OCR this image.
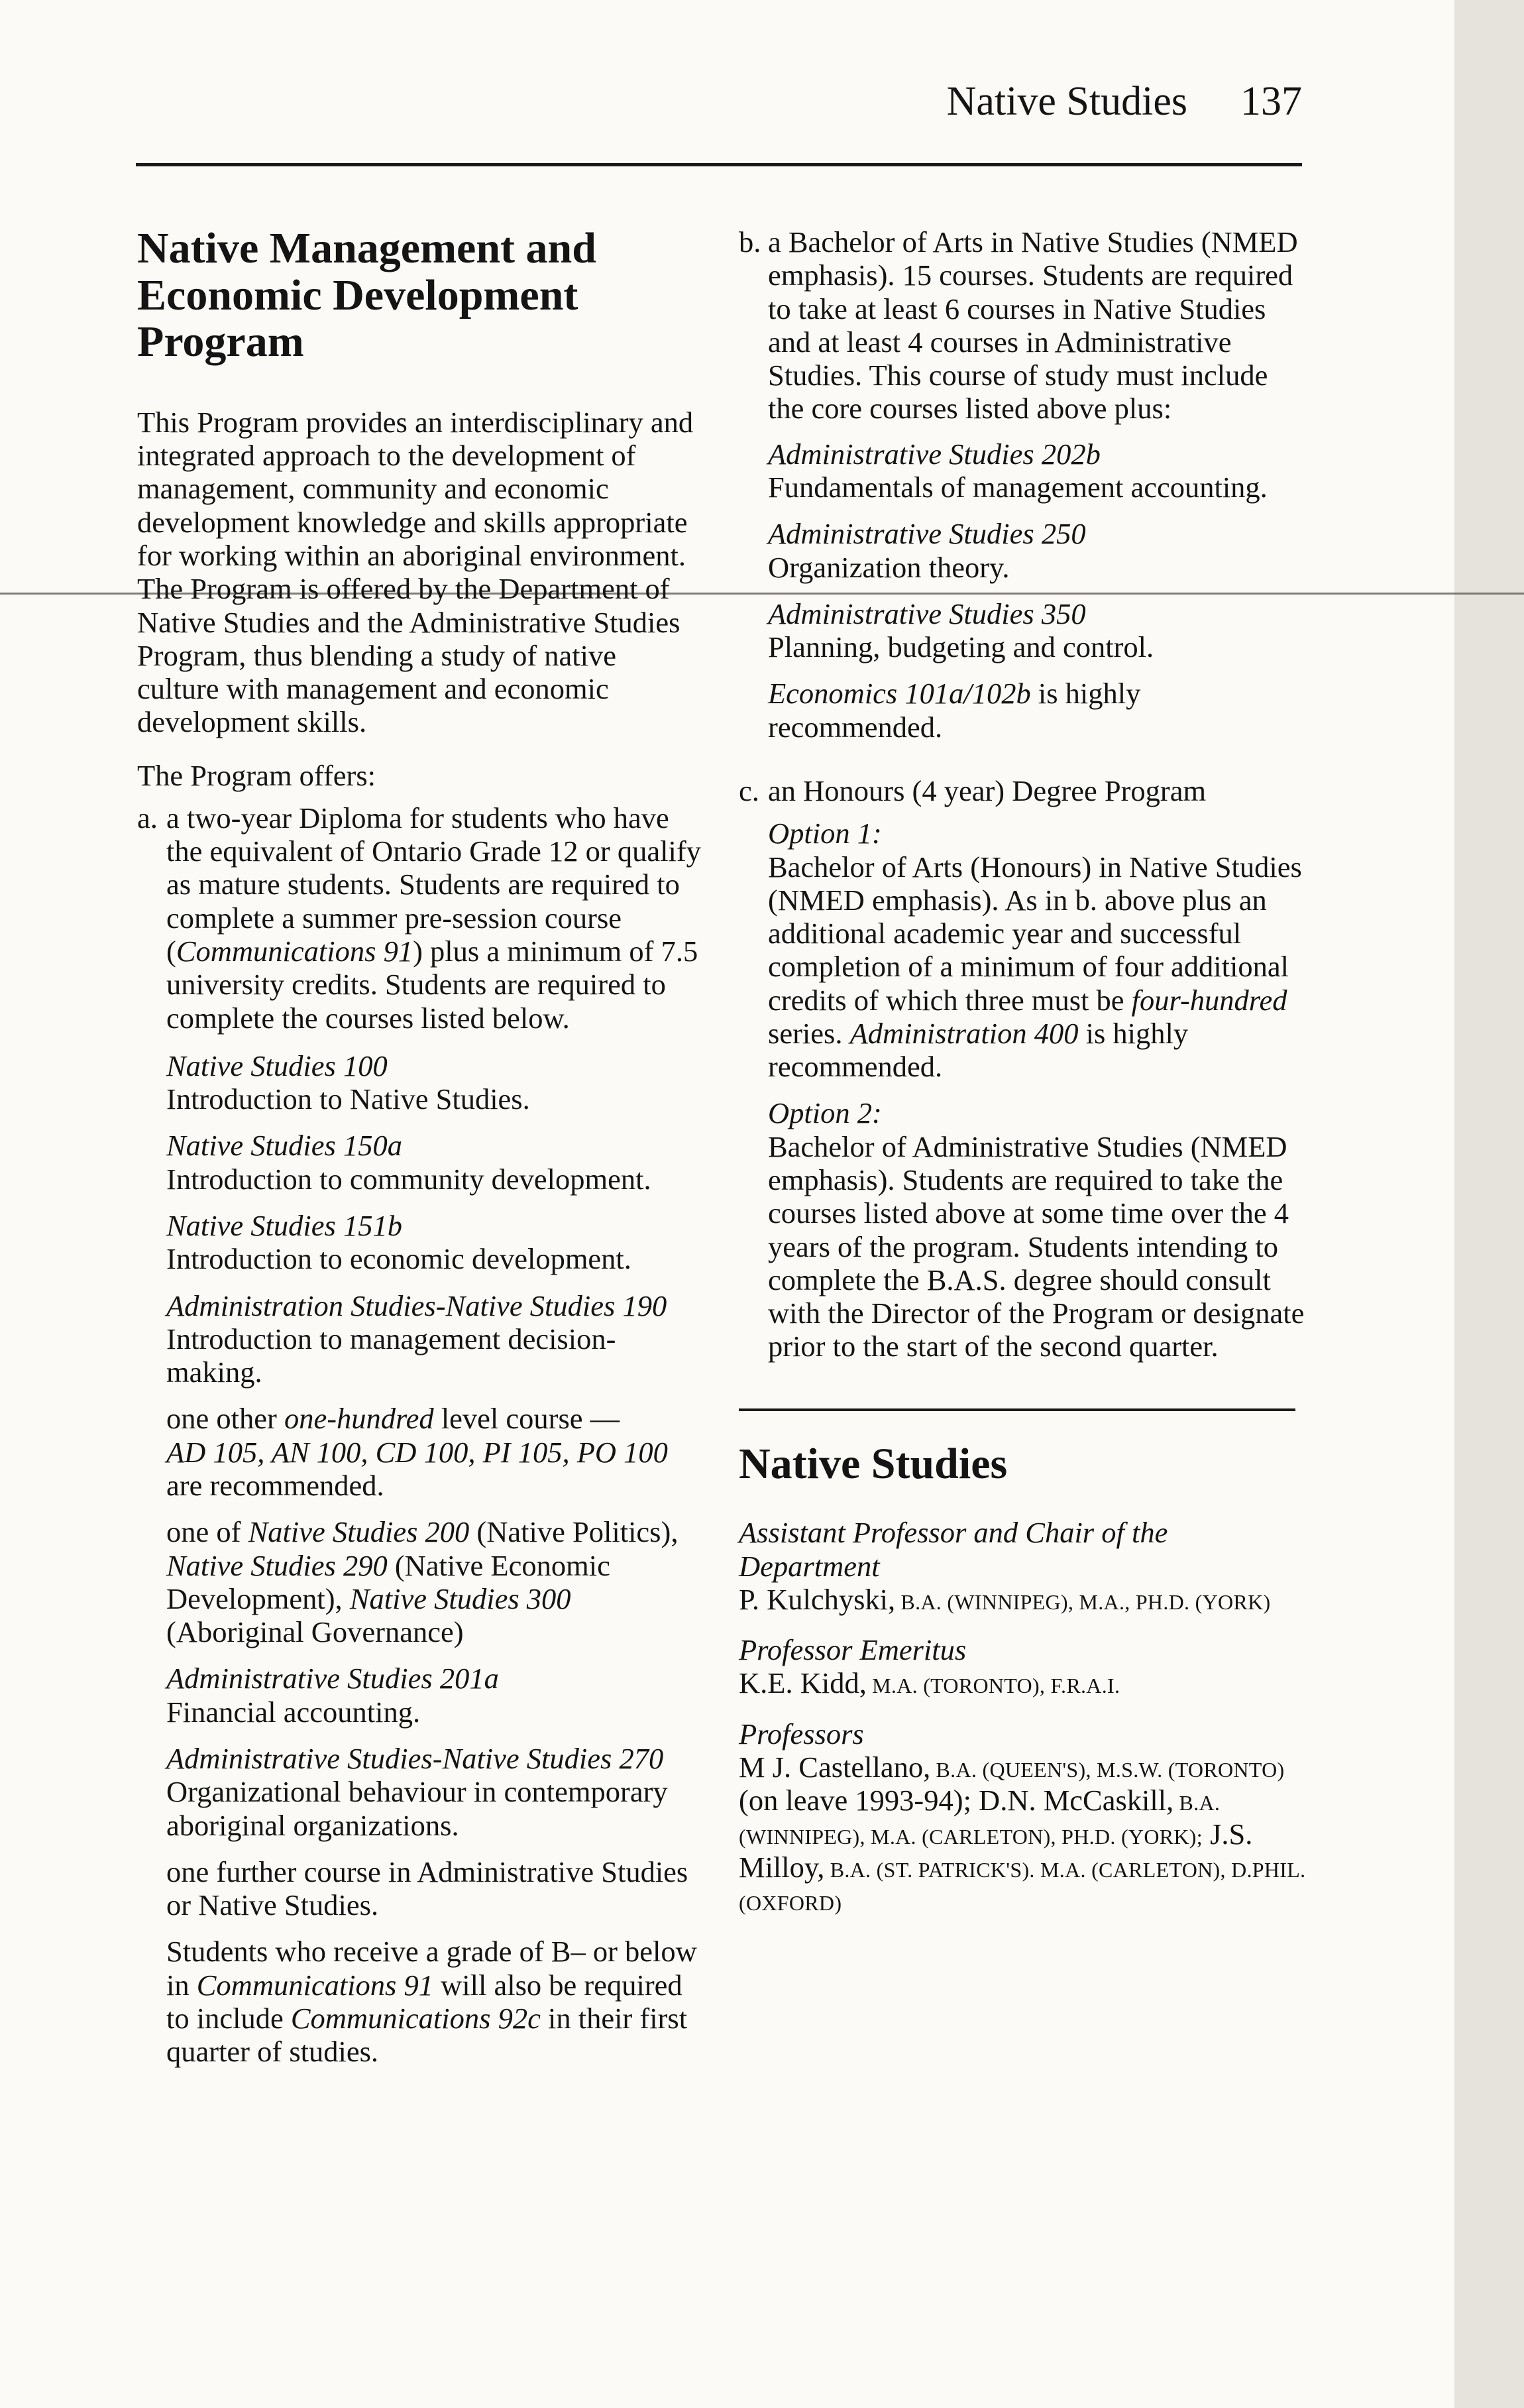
Native Studies 137
Native Management and Economic Development Program

This Program provides an interdisciplinary and integrated approach to the development of management, community and economic development knowledge and skills appropriate for working within an aboriginal environment. The Program is offered by the Department of Native Studies and the Administrative Studies Program, thus blending a study of native culture with management and economic development skills.

The Program offers:

a. a two-year Diploma for students who have the equivalent of Ontario Grade 12 or qualify as mature students. Students are required to complete a summer pre-session course (Communications 91) plus a minimum of 7.5 university credits. Students are required to complete the courses listed below.

Native Studies 100
Introduction to Native Studies.
Native Studies 150a
Introduction to community development.
Native Studies 151b
Introduction to economic development.
Administration Studies-Native Studies 190
Introduction to management decision-making.

one other one-hundred level course —
AD 105, AN 100, CD 100, PI 105, PO 100 are recommended.

one of Native Studies 200 (Native Politics), Native Studies 290 (Native Economic Development), Native Studies 300 (Aboriginal Governance)

Administrative Studies 201a
Financial accounting.
Administrative Studies-Native Studies 270
Organizational behaviour in contemporary aboriginal organizations.

one further course in Administrative Studies or Native Studies.

Students who receive a grade of B– or below in Communications 91 will also be required to include Communications 92c in their first quarter of studies.

b. a Bachelor of Arts in Native Studies (NMED emphasis). 15 courses. Students are required to take at least 6 courses in Native Studies and at least 4 courses in Administrative Studies. This course of study must include the core courses listed above plus:

Administrative Studies 202b
Fundamentals of management accounting.
Administrative Studies 250
Organization theory.
Administrative Studies 350
Planning, budgeting and control.

Economics 101a/102b is highly recommended.

c. an Honours (4 year) Degree Program

Option 1:
Bachelor of Arts (Honours) in Native Studies (NMED emphasis). As in b. above plus an additional academic year and successful completion of a minimum of four additional credits of which three must be four-hundred series. Administration 400 is highly recommended.
Option 2:
Bachelor of Administrative Studies (NMED emphasis). Students are required to take the courses listed above at some time over the 4 years of the program. Students intending to complete the B.A.S. degree should consult with the Director of the Program or designate prior to the start of the second quarter.
Native Studies
Assistant Professor and Chair of the Department
P. Kulchyski, B.A. (WINNIPEG), M.A., PH.D. (YORK)
Professor Emeritus
K.E. Kidd, M.A. (TORONTO), F.R.A.I.
Professors
M J. Castellano, B.A. (QUEEN'S), M.S.W. (TORONTO) (on leave 1993-94); D.N. McCaskill, B.A. (WINNIPEG), M.A. (CARLETON), PH.D. (YORK); J.S. Milloy, B.A. (ST. PATRICK'S). M.A. (CARLETON), D.PHIL. (OXFORD)
